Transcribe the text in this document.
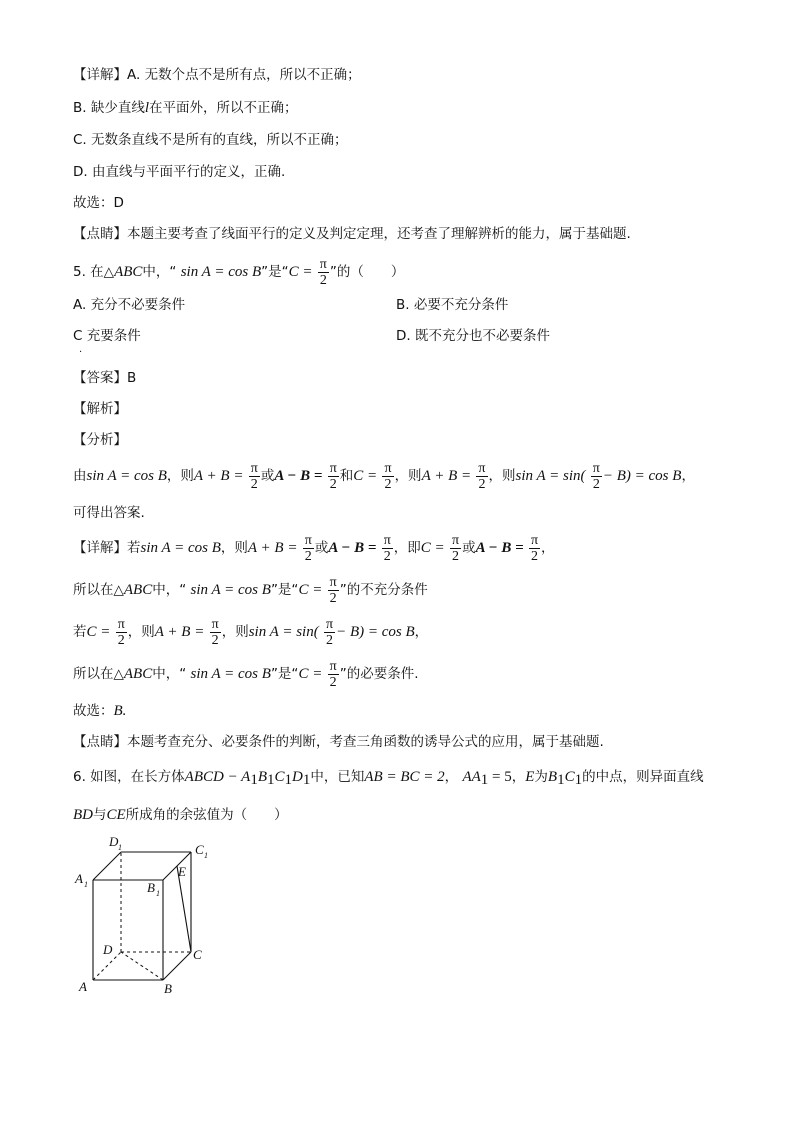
【详解】A. 无数个点不是所有点，所以不正确；
B. 缺少直线l在平面外，所以不正确；
C. 无数条直线不是所有的直线，所以不正确；
D. 由直线与平面平行的定义，正确.
故选：D
【点睛】本题主要考查了线面平行的定义及判定定理，还考查了理解辨析的能力，属于基础题.
5. 在△ABC中，“ sin A = cos B”是“$C = \frac{\pi}{2}$ ”的（　　）
A. 充分不必要条件	B. 必要不充分条件
C 充要条件	D. 既不充分也不必要条件
.
【答案】B
【解析】
【分析】
由sin A = cos B，则$A + B = \frac{\pi}{2}$ 或$A - B = \frac{\pi}{2}$ 和$C = \frac{\pi}{2}$ ，则$A + B = \frac{\pi}{2}$ ，则$\sin A = \sin( \frac{\pi}{2} - B) = \cos B$，
可得出答案.
【详解】若sin A = cos B，则$A + B = \frac{\pi}{2}$ 或$A - B = \frac{\pi}{2}$ ，即$C = \frac{\pi}{2}$ 或$A - B = \frac{\pi}{2}$ ，
所以在△ABC中，“ sin A = cos B”是“$C = \frac{\pi}{2}$ ”的不充分条件
若$C = \frac{\pi}{2}$ ，则$A + B = \frac{\pi}{2}$ ，则$\sin A = \sin( \frac{\pi}{2} - B) = \cos B$，
所以在△ABC中，“ sin A = cos B”是“$C = \frac{\pi}{2}$ ”的必要条件.
故选：B.
【点睛】本题考查充分、必要条件的判断，考查三角函数的诱导公式的应用，属于基础题.
6. 如图，在长方体ABCD − $A_1B_1C_1D_1$中，已知AB = BC = 2， $AA_1 = 5$，E为$B_1C_1$的中点，则异面直线
BD与CE所成角的余弦值为（　　）
A	B
C
D
A 1	B 1
C 1
D 1
E
